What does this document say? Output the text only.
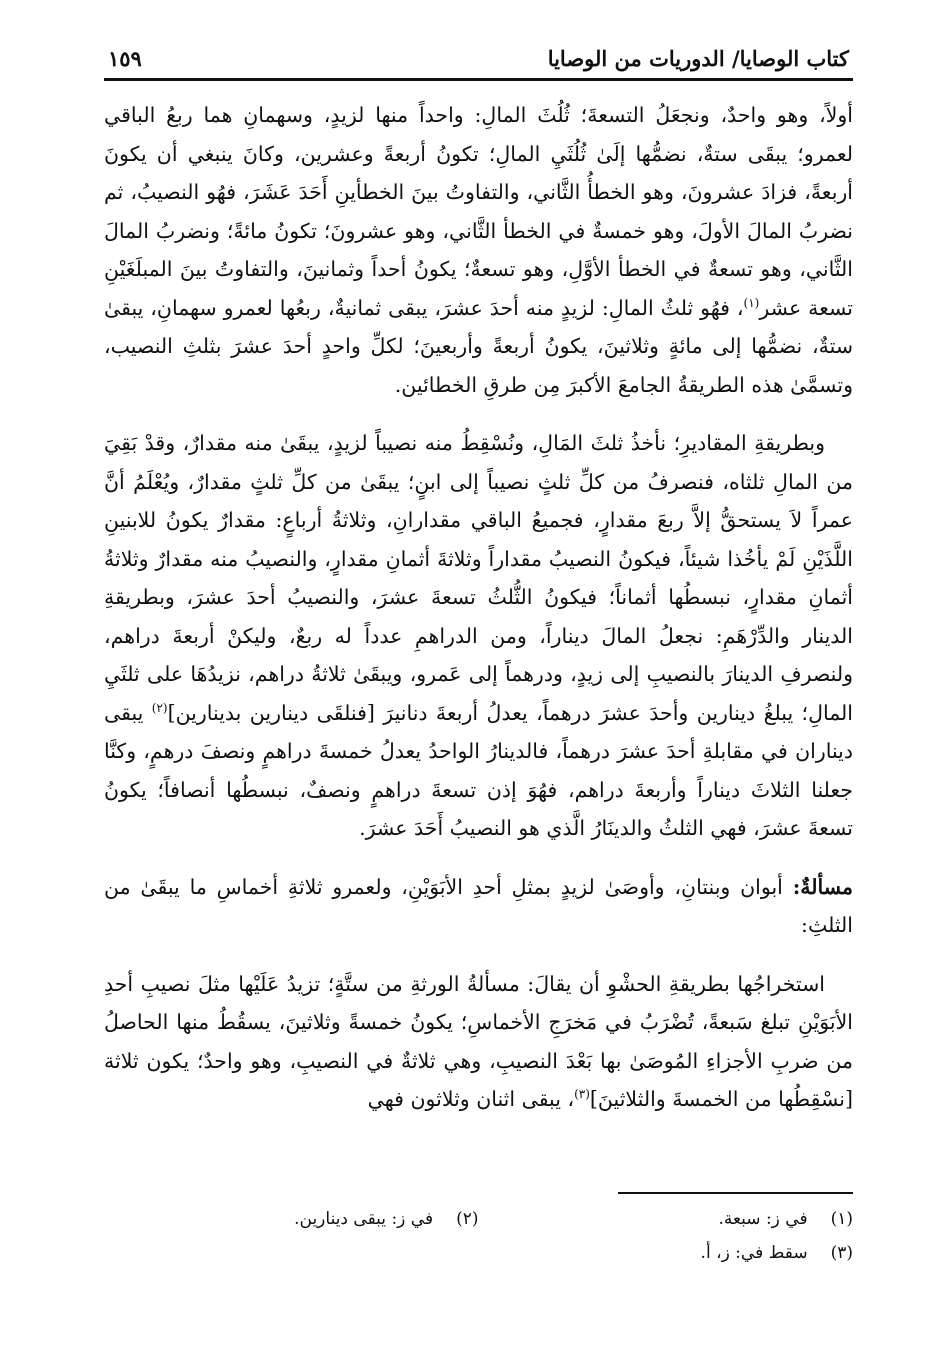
كتاب الوصايا/ الدوريات من الوصايا
١٥٩

أولاً، وهو واحدٌ، ونجعَلُ التسعةَ؛ ثُلُثَ المالِ: واحداً منها لزيدٍ، وسهمانِ هما ربعُ الباقي لعمرو؛ يبقَى ستةٌ، نضمُّها إلَىٰ ثُلُثَيِ المالِ؛ تكونُ أربعةً وعشرين، وكانَ ينبغي أن يكونَ أربعةً، فزادَ عشرونَ، وهو الخطأُ الثَّاني، والتفاوتُ بينَ الخطأينِ أَحَدَ عَشَرَ، فهُو النصيبُ، ثم نضربُ المالَ الأولَ، وهو خمسةٌ في الخطأ الثَّاني، وهو عشرونَ؛ تكونُ مائةً؛ ونضربُ المالَ الثَّاني، وهو تسعةٌ في الخطأ الأوَّلِ، وهو تسعةٌ؛ يكونُ أحداً وثمانينَ، والتفاوتُ بينَ المبلَغَيْنِ تسعة عشر$^{(١)}$، فهُو ثلثُ المالِ: لزيدٍ منه أحدَ عشرَ، يبقى ثمانيةٌ، ربعُها لعمرو سهمانِ، يبقىٰ ستةٌ، نضمُّها إلى مائةٍ وثلاثينَ، يكونُ أربعةً وأربعينَ؛ لكلِّ واحدٍ أحدَ عشرَ بثلثِ النصيب، وتسمَّىٰ هذه الطريقةُ الجامعَ الأكبرَ مِن طرقِ الخطائين.

وبطريقةِ المقاديرِ؛ نأخذُ ثلثَ المَالِ، ونُسْقِطُ منه نصيباً لزيدٍ، يبقَىٰ منه مقدارٌ، وقدْ بَقِيَ من المالِ ثلثاه، فنصرفُ من كلِّ ثلثٍ نصيباً إلى ابنٍ؛ يبقَىٰ من كلِّ ثلثٍ مقدارٌ، ويُعْلَمُ أنَّ عمراً لاَ يستحقُّ إلاَّ ربعَ مقدارٍ، فجميعُ الباقي مقدارانِ، وثلاثةُ أرباعٍ: مقدارٌ يكونُ للابنينِ اللَّذَيْنِ لَمْ يأخُذا شيئاً، فيكونُ النصيبُ مقداراً وثلاثةَ أثمانِ مقدارٍ، والنصيبُ منه مقدارٌ وثلاثةُ أثمانِ مقدارٍ، نبسطُها أثماناً؛ فيكونُ الثُّلثُ تسعةَ عشرَ، والنصيبُ أحدَ عشرَ، وبطريقةِ الدينار والدِّرْهَمِ: نجعلُ المالَ ديناراً، ومن الدراهمِ عدداً له ربعٌ، وليكنْ أربعةَ دراهم، ولنصرفِ الدينارَ بالنصيبِ إلى زيدٍ، ودرهماً إلى عَمرو، ويبقَىٰ ثلاثةُ دراهم، نزيدُهَا على ثلثَيِ المالِ؛ يبلغُ دينارين وأحدَ عشرَ درهماً، يعدلُ أربعةَ دنانيرَ [فنلقَى دينارين بدينارين]$^{(٢)}$ يبقى ديناران في مقابلةِ أحدَ عشرَ درهماً، فالدينارُ الواحدُ يعدلُ خمسةَ دراهمٍ ونصفَ درهمٍ، وكنَّا جعلنا الثلاثَ ديناراً وأربعةَ دراهم، فهُوَ إذن تسعةَ دراهمٍ ونصفٌ، نبسطُها أنصافاً؛ يكونُ تسعةَ عشرَ، فهي الثلثُ والدينَارُ الَّذي هو النصيبُ أَحَدَ عشرَ.

مسألةٌ: أبوان وبنتانِ، وأوصَىٰ لزيدٍ بمثلِ أحدِ الأبَوَيْنِ، ولعمرو ثلاثةِ أخماسِ ما يبقَىٰ من الثلثِ:

استخراجُها بطريقةِ الحشْوِ أن يقالَ: مسألةُ الورثةِ من ستَّةٍ؛ تزيدُ عَلَيْها مثلَ نصيبِ أحدِ الأبَوَيْنِ تبلغ سَبعةً، تُضْرَبُ في مَخرَجِ الأخماسِ؛ يكونُ خمسةً وثلاثينَ، يسقُطُ منها الحاصلُ من ضربِ الأجزاءِ المُوصَىٰ بها بَعْدَ النصيبِ، وهي ثلاثةٌ في النصيبِ، وهو واحدٌ؛ يكون ثلاثة [نسْقِطُها من الخمسةَ والثلاثينَ]$^{(٣)}$، يبقى اثنان وثلاثون فهي

(١) في ز: سبعة.
(٢) في ز: يبقى دينارين.
(٣) سقط في: ز، أ.
